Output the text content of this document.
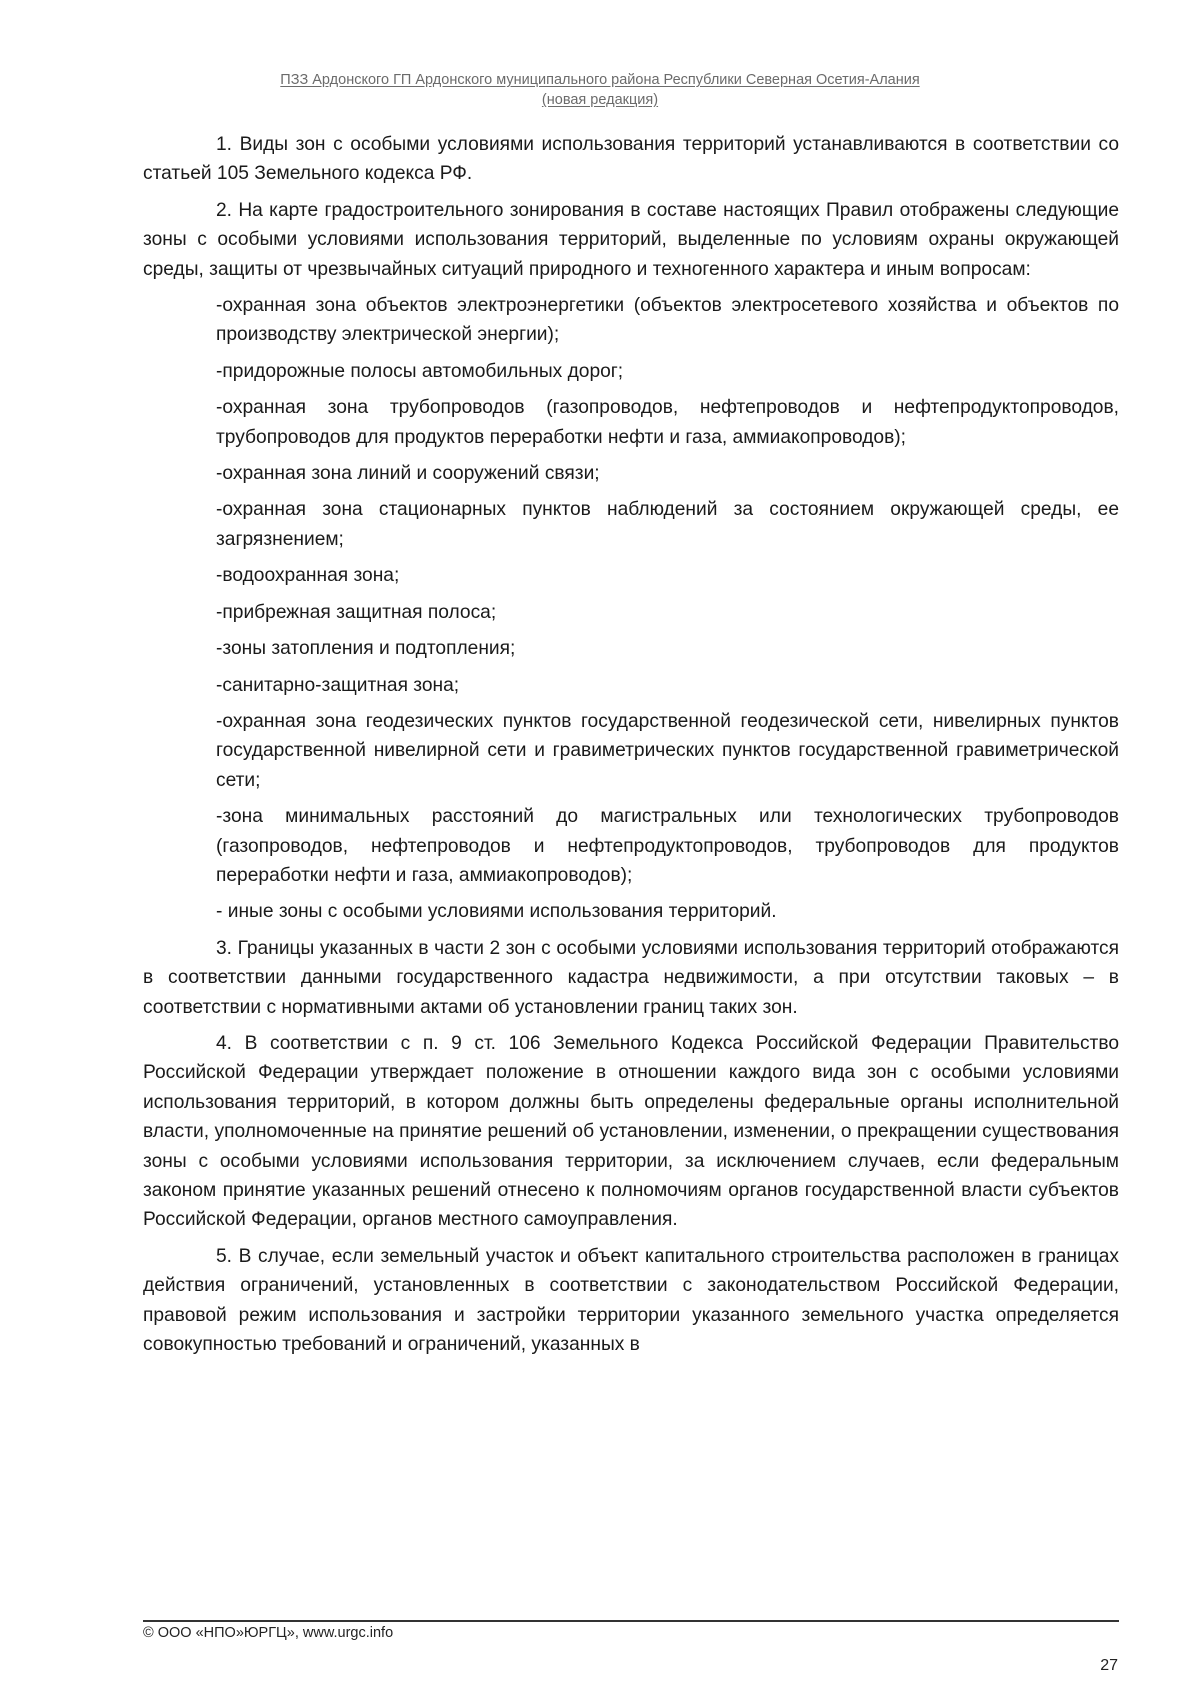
ПЗЗ Ардонского ГП Ардонского муниципального района Республики Северная Осетия-Алания
(новая редакция)

1. Виды зон с особыми условиями использования территорий устанавливаются в соответствии со статьей 105 Земельного кодекса РФ.

2. На карте градостроительного зонирования в составе настоящих Правил отображены следующие зоны с особыми условиями использования территорий, выделенные по условиям охраны окружающей среды, защиты от чрезвычайных ситуаций природного и техногенного характера и иным вопросам:

-охранная зона объектов электроэнергетики (объектов электросетевого хозяйства и объектов по производству электрической энергии);

-придорожные полосы автомобильных дорог;

-охранная зона трубопроводов (газопроводов, нефтепроводов и нефтепродуктопроводов, трубопроводов для продуктов переработки нефти и газа, аммиакопроводов);

-охранная зона линий и сооружений связи;

-охранная зона стационарных пунктов наблюдений за состоянием окружающей среды, ее загрязнением;

-водоохранная зона;

-прибрежная защитная полоса;

-зоны затопления и подтопления;

-санитарно-защитная зона;

-охранная зона геодезических пунктов государственной геодезической сети, нивелирных пунктов государственной нивелирной сети и гравиметрических пунктов государственной гравиметрической сети;

-зона минимальных расстояний до магистральных или технологических трубопроводов (газопроводов, нефтепроводов и нефтепродуктопроводов, трубопроводов для продуктов переработки нефти и газа, аммиакопроводов);

- иные зоны с особыми условиями использования территорий.

3. Границы указанных в части 2 зон с особыми условиями использования территорий отображаются в соответствии данными государственного кадастра недвижимости, а при отсутствии таковых – в соответствии с нормативными актами об установлении границ таких зон.

4. В соответствии с п. 9 ст. 106 Земельного Кодекса Российской Федерации Правительство Российской Федерации утверждает положение в отношении каждого вида зон с особыми условиями использования территорий, в котором должны быть определены федеральные органы исполнительной власти, уполномоченные на принятие решений об установлении, изменении, о прекращении существования зоны с особыми условиями использования территории, за исключением случаев, если федеральным законом принятие указанных решений отнесено к полномочиям органов государственной власти субъектов Российской Федерации, органов местного самоуправления.

5. В случае, если земельный участок и объект капитального строительства расположен в границах действия ограничений, установленных в соответствии с законодательством Российской Федерации, правовой режим использования и застройки территории указанного земельного участка определяется совокупностью требований и ограничений, указанных в

© ООО «НПО»ЮРГЦ», www.urgc.info
27
